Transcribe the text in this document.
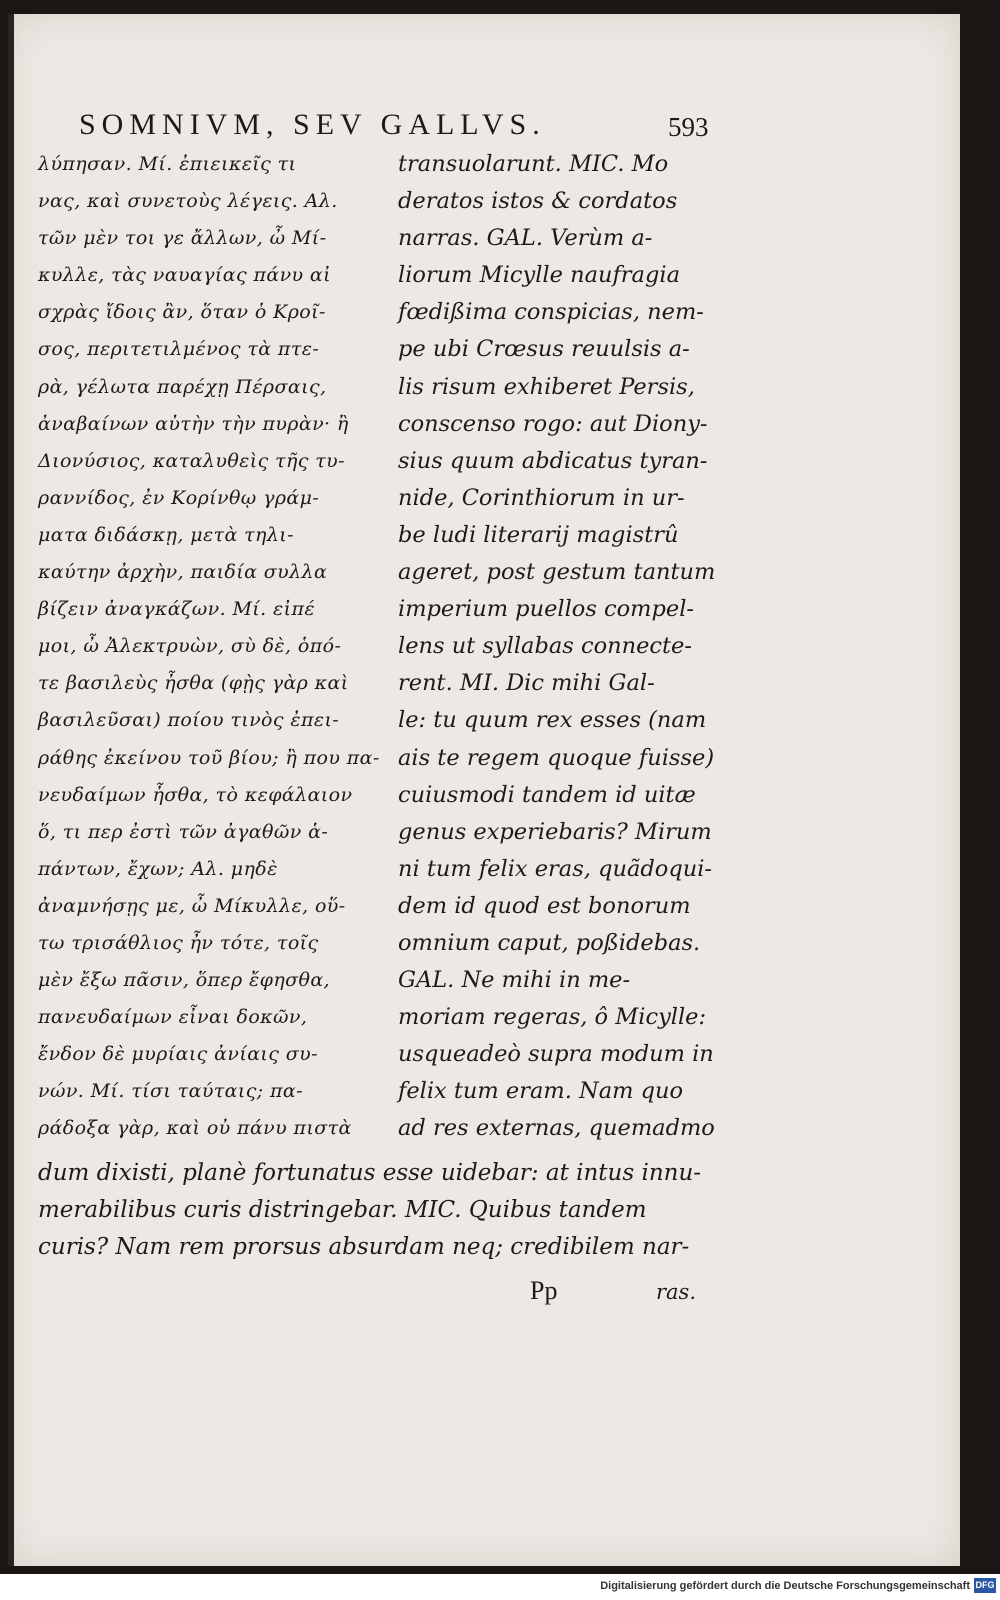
SOMNIVM, SEV GALLVS.	593
λύπησαν. Μί. ἐπιεικεῖς τι
νας, καὶ συνετοὺς λέγεις. Αλ.
τῶν μὲν τοι γε ἄλλων, ὦ Μί-
κυλλε, τὰς ναυαγίας πάνυ αἰ
σχρὰς ἴδοις ἂν, ὅταν ὁ Κροῖ-
σος, περιτετιλμένος τὰ πτε-
ρὰ, γέλωτα παρέχῃ Πέρσαις,
ἀναβαίνων αὐτὴν τὴν πυρὰν· ἢ
Διονύσιος, καταλυθεὶς τῆς τυ-
ραννίδος, ἐν Κορίνθῳ γράμ-
ματα διδάσκῃ, μετὰ τηλι-
καύτην ἀρχὴν, παιδία συλλα
βίζειν ἀναγκάζων. Μί. εἰπέ
μοι, ὦ Ἀλεκτρυὼν, σὺ δὲ, ὁπό-
τε βασιλεὺς ἦσθα (φῂς γὰρ καὶ
βασιλεῦσαι) ποίου τινὸς ἐπει-
ράθης ἐκείνου τοῦ βίου; ἢ που πα-
νευδαίμων ἦσθα, τὸ κεφάλαιον
ὅ, τι περ ἐστὶ τῶν ἀγαθῶν ἁ-
πάντων, ἔχων; Αλ. μηδὲ
ἀναμνήσῃς με, ὦ Μίκυλλε, οὕ-
τω τρισάθλιος ἦν τότε, τοῖς
μὲν ἔξω πᾶσιν, ὅπερ ἔφησθα,
πανευδαίμων εἶναι δοκῶν,
ἔνδον δὲ μυρίαις ἀνίαις συ-
νών. Μί. τίσι ταύταις; πα-
ράδοξα γὰρ, καὶ οὐ πάνυ πιστὰ
transuolarunt. MIC. Mo
deratos istos & cordatos
narras. GAL. Verùm a-
liorum Micylle naufragia
fœdißima conspicias, nem-
pe ubi Crœsus reuulsis a-
lis risum exhiberet Persis,
conscenso rogo: aut Diony-
sius quum abdicatus tyran-
nide, Corinthiorum in ur-
be ludi literarij magistrû
ageret, post gestum tantum
imperium puellos compel-
lens ut syllabas connecte-
rent. MI. Dic mihi Gal-
le: tu quum rex esses (nam
ais te regem quoque fuisse)
cuiusmodi tandem id uitæ
genus experiebaris? Mirum
ni tum felix eras, quãdoqui-
dem id quod est bonorum
omnium caput, poßidebas.
GAL. Ne mihi in me-
moriam regeras, ô Micylle:
usqueadeò supra modum in
felix tum eram. Nam quo
ad res externas, quemadmo
dum dixisti, planè fortunatus esse uidebar: at intus innu-
merabilibus curis distringebar. MIC. Quibus tandem
curis? Nam rem prorsus absurdam neq; credibilem nar-
Pp	ras.
Digitalisierung gefördert durch die Deutsche Forschungsgemeinschaft DFG
